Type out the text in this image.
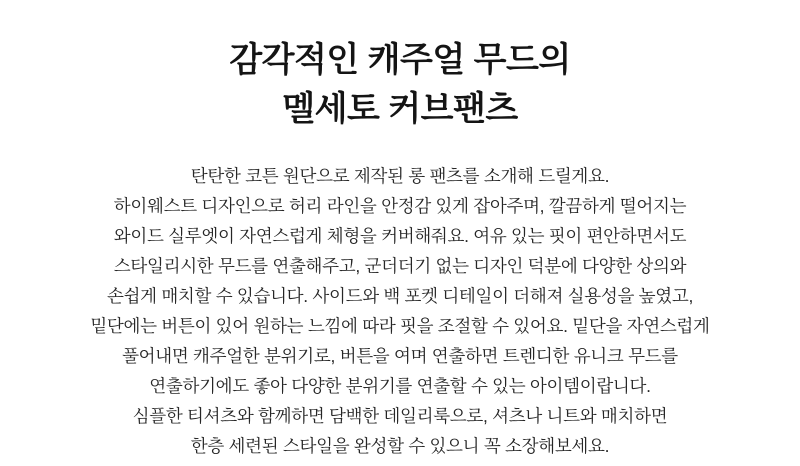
감각적인 캐주얼 무드의
멜세토 커브팬츠
탄탄한 코튼 원단으로 제작된 롱 팬츠를 소개해 드릴게요.
하이웨스트 디자인으로 허리 라인을 안정감 있게 잡아주며, 깔끔하게 떨어지는
와이드 실루엣이 자연스럽게 체형을 커버해줘요. 여유 있는 핏이 편안하면서도
스타일리시한 무드를 연출해주고, 군더더기 없는 디자인 덕분에 다양한 상의와
손쉽게 매치할 수 있습니다. 사이드와 백 포켓 디테일이 더해져 실용성을 높였고,
밑단에는 버튼이 있어 원하는 느낌에 따라 핏을 조절할 수 있어요. 밑단을 자연스럽게
풀어내면 캐주얼한 분위기로, 버튼을 여며 연출하면 트렌디한 유니크 무드를
연출하기에도 좋아 다양한 분위기를 연출할 수 있는 아이템이랍니다.
심플한 티셔츠와 함께하면 담백한 데일리룩으로, 셔츠나 니트와 매치하면
한층 세련된 스타일을 완성할 수 있으니 꼭 소장해보세요.
